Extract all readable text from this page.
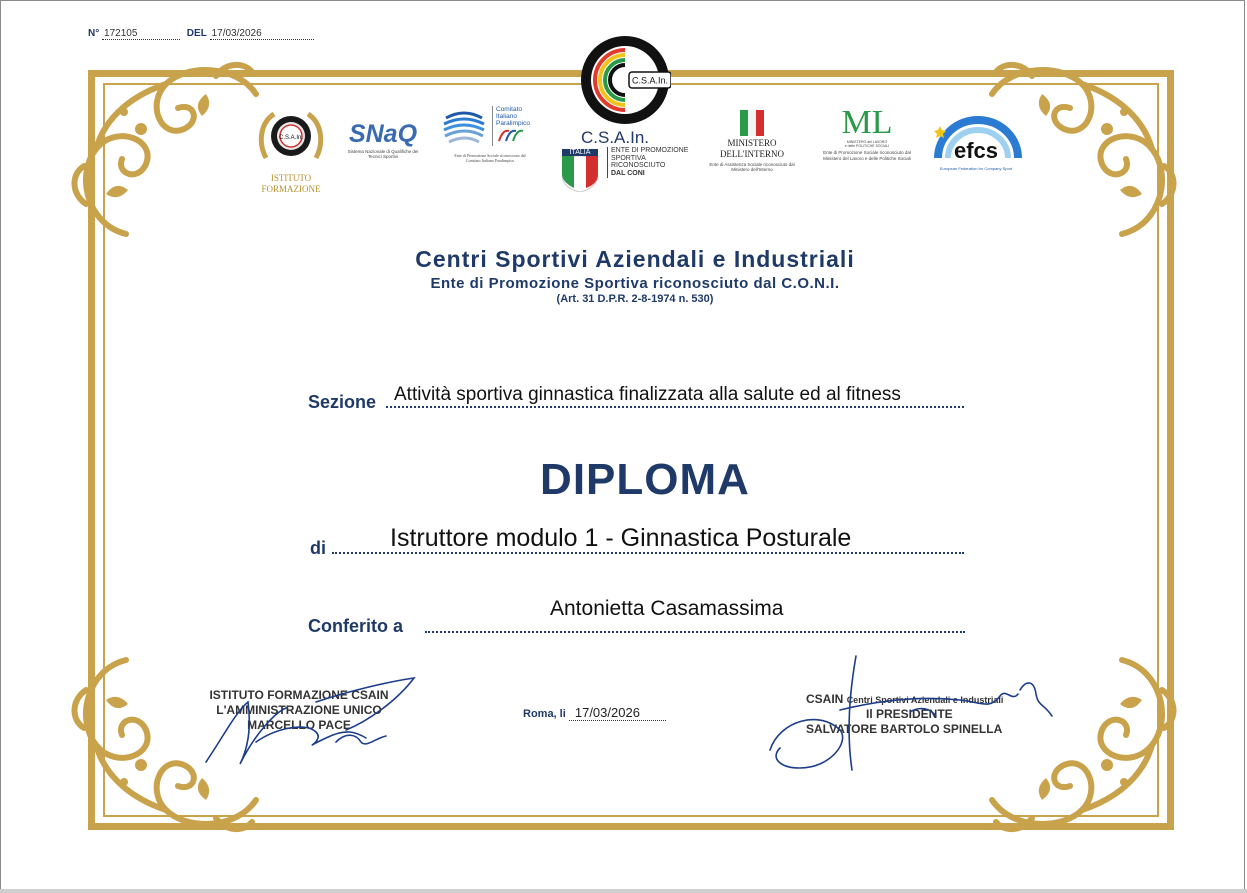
N° 172105	DEL 17/03/2026
C.S.A.In.
ISTITUTO
FORMAZIONE
SNaQ
Sistema Nazionale di Qualifiche dei
Tecnici Sportivi
Comitato
Italiano
Paralimpico
Ente di Promozione Sociale riconosciuto dal
Comitato Italiano Paralimpico
C.S.A.In.
C.S.A.In.
ITALIA	ENTE DI PROMOZIONE
SPORTIVA
RICONOSCIUTO
DAL CONI
MINISTERO
DELL'INTERNO
Ente di Assistenza Sociale riconosciuto dal
Ministero dell'Interno
ML
MINISTERO del LAVORO
e delle POLITICHE SOCIALI
Ente di Promozione Sociale riconosciuto dal
Ministero del Lavoro e delle Politiche Sociali	efcs
European Federation for Company Sport
Centri Sportivi Aziendali e Industriali
Ente di Promozione Sportiva riconosciuto dal C.O.N.I.
(Art. 31 D.P.R. 2-8-1974 n. 530)
Sezione Attività sportiva ginnastica finalizzata alla salute ed al fitness
DIPLOMA
di	Istruttore modulo 1 - Ginnastica Posturale
Conferito a
Antonietta Casamassima
ISTITUTO FORMAZIONE CSAIN
L'AMMINISTRAZIONE UNICO
MARCELLO PACE
Roma, li 17/03/2026
CSAIN Centri Sportivi Aziendali e Industriali
Il PRESIDENTE
SALVATORE BARTOLO SPINELLA
